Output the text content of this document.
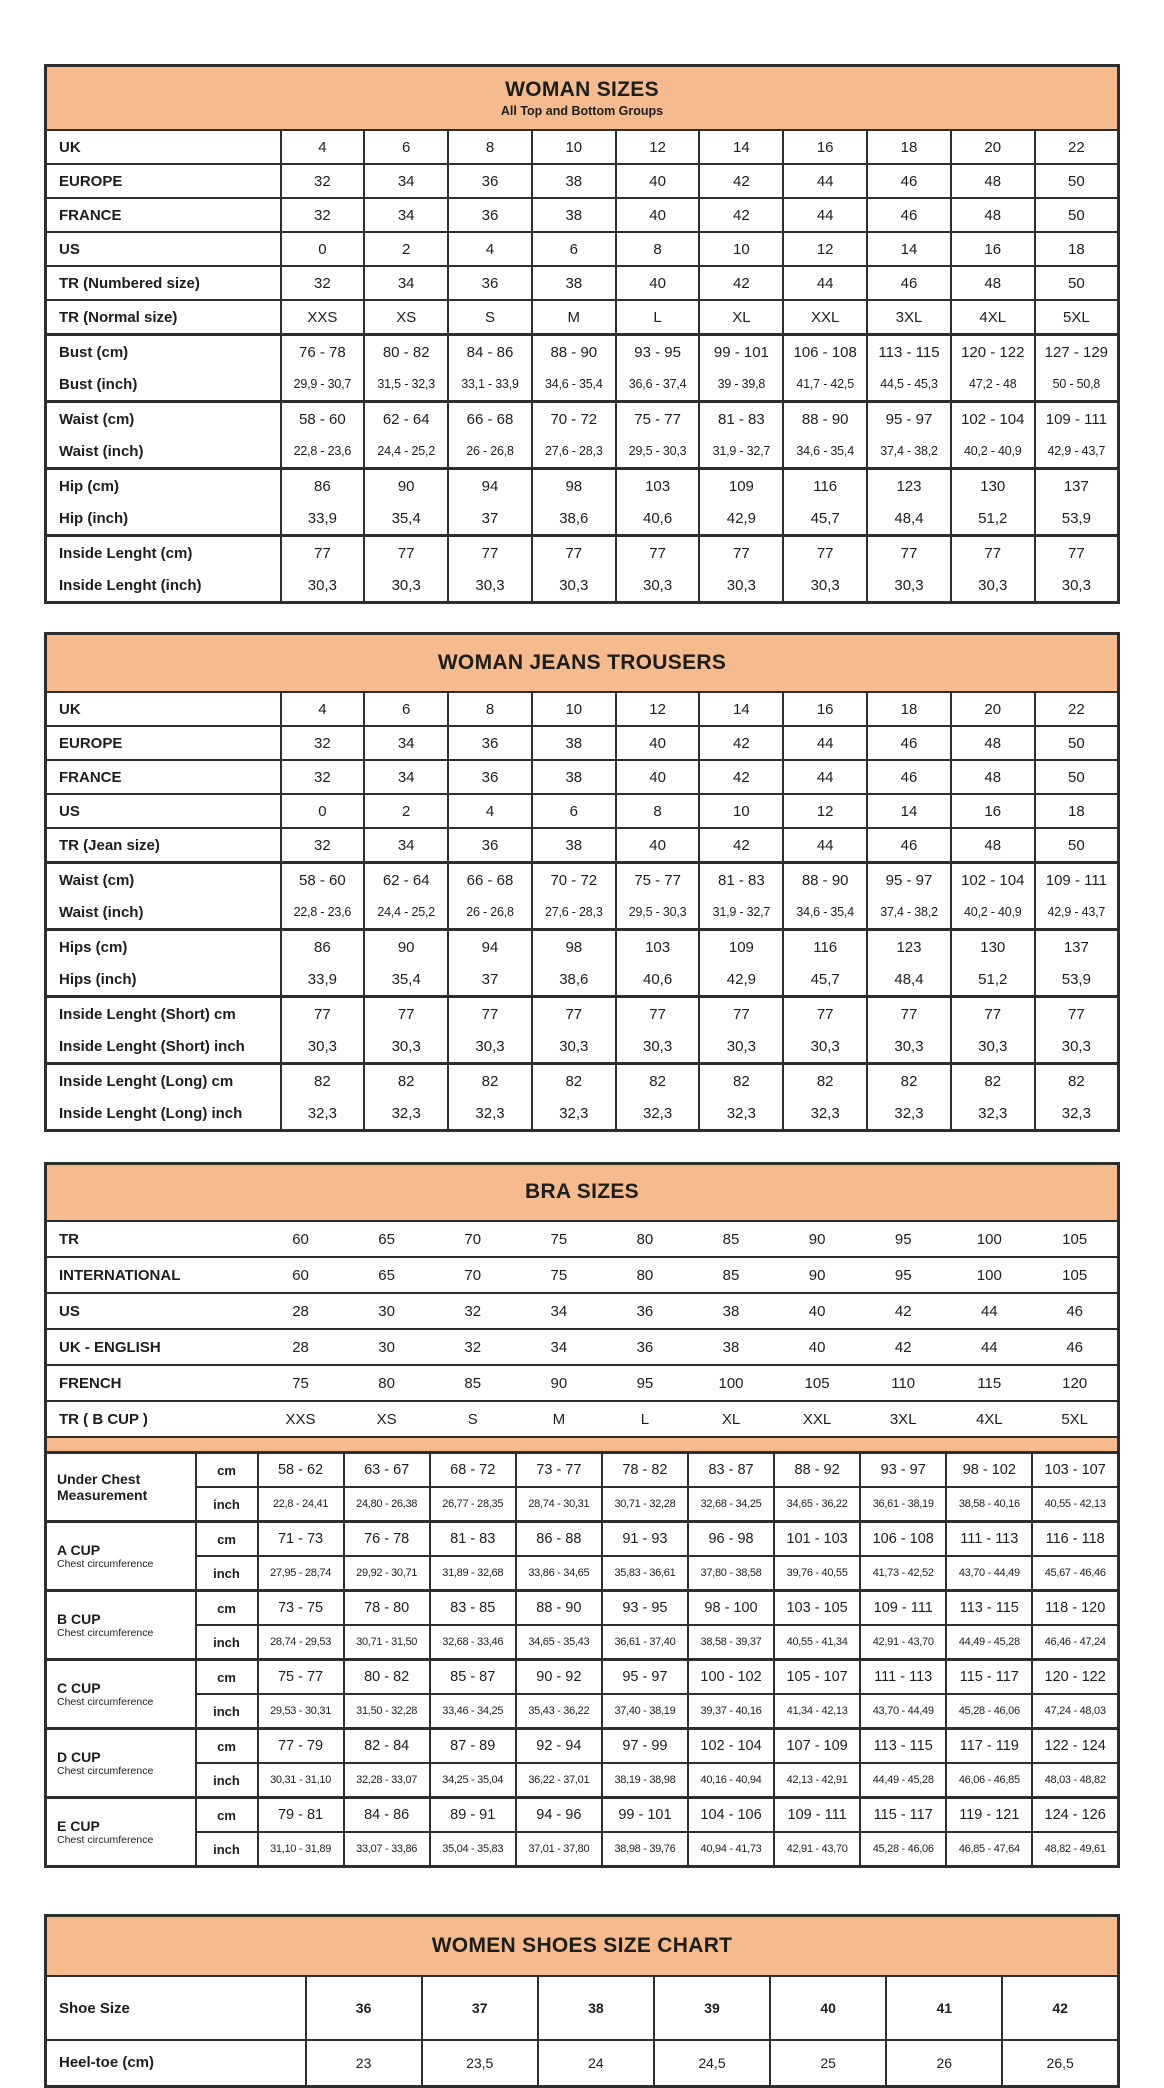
WOMAN SIZES
All Top and Bottom Groups										

UK	4	6	8	10	12	14	16	18	20	22
EUROPE	32	34	36	38	40	42	44	46	48	50
FRANCE	32	34	36	38	40	42	44	46	48	50
US	0	2	4	6	8	10	12	14	16	18
TR (Numbered size)	32	34	36	38	40	42	44	46	48	50
TR (Normal size)	XXS	XS	S	M	L	XL	XXL	3XL	4XL	5XL
Bust (cm)	76 - 78	80 - 82	84 - 86	88 - 90	93 - 95	99 - 101	106 - 108	113 - 115	120 - 122	127 - 129
Bust (inch)	29,9 - 30,7	31,5 - 32,3	33,1 - 33,9	34,6 - 35,4	36,6 - 37,4	39 - 39,8	41,7 - 42,5	44,5 - 45,3	47,2 - 48	50 - 50,8
Waist (cm)	58 - 60	62 - 64	66 - 68	70 - 72	75 - 77	81 - 83	88 - 90	95 - 97	102 - 104	109 - 111
Waist (inch)	22,8 - 23,6	24,4 - 25,2	26 - 26,8	27,6 - 28,3	29,5 - 30,3	31,9 - 32,7	34,6 - 35,4	37,4 - 38,2	40,2 - 40,9	42,9 - 43,7
Hip (cm)	86	90	94	98	103	109	116	123	130	137
Hip (inch)	33,9	35,4	37	38,6	40,6	42,9	45,7	48,4	51,2	53,9
Inside Lenght (cm)	77	77	77	77	77	77	77	77	77	77
Inside Lenght (inch)	30,3	30,3	30,3	30,3	30,3	30,3	30,3	30,3	30,3	30,3
WOMAN JEANS TROUSERS										

UK	4	6	8	10	12	14	16	18	20	22
EUROPE	32	34	36	38	40	42	44	46	48	50
FRANCE	32	34	36	38	40	42	44	46	48	50
US	0	2	4	6	8	10	12	14	16	18
TR (Jean size)	32	34	36	38	40	42	44	46	48	50
Waist (cm)	58 - 60	62 - 64	66 - 68	70 - 72	75 - 77	81 - 83	88 - 90	95 - 97	102 - 104	109 - 111
Waist (inch)	22,8 - 23,6	24,4 - 25,2	26 - 26,8	27,6 - 28,3	29,5 - 30,3	31,9 - 32,7	34,6 - 35,4	37,4 - 38,2	40,2 - 40,9	42,9 - 43,7
Hips (cm)	86	90	94	98	103	109	116	123	130	137
Hips (inch)	33,9	35,4	37	38,6	40,6	42,9	45,7	48,4	51,2	53,9
Inside Lenght (Short) cm	77	77	77	77	77	77	77	77	77	77
Inside Lenght (Short) inch	30,3	30,3	30,3	30,3	30,3	30,3	30,3	30,3	30,3	30,3
Inside Lenght (Long) cm	82	82	82	82	82	82	82	82	82	82
Inside Lenght (Long) inch	32,3	32,3	32,3	32,3	32,3	32,3	32,3	32,3	32,3	32,3
BRA SIZES											

TR		60	65	70	75	80	85	90	95	100	105
INTERNATIONAL		60	65	70	75	80	85	90	95	100	105
US		28	30	32	34	36	38	40	42	44	46
UK - ENGLISH		28	30	32	34	36	38	40	42	44	46
FRENCH		75	80	85	90	95	100	105	110	115	120
TR ( B CUP )		XXS	XS	S	M	L	XL	XXL	3XL	4XL	5XL

Under Chest Measurement	cm	58 - 62	63 - 67	68 - 72	73 - 77	78 - 82	83 - 87	88 - 92	93 - 97	98 - 102	103 - 107
	inch	22,8 - 24,41	24,80 - 26,38	26,77 - 28,35	28,74 - 30,31	30,71 - 32,28	32,68 - 34,25	34,65 - 36,22	36,61 - 38,19	38,58 - 40,16	40,55 - 42,13

A CUP
Chest circumference	cm	71 - 73	76 - 78	81 - 83	86 - 88	91 - 93	96 - 98	101 - 103	106 - 108	111 - 113	116 - 118
	inch	27,95 - 28,74	29,92 - 30,71	31,89 - 32,68	33,86 - 34,65	35,83 - 36,61	37,80 - 38,58	39,76 - 40,55	41,73 - 42,52	43,70 - 44,49	45,67 - 46,46

B CUP
Chest circumference	cm	73 - 75	78 - 80	83 - 85	88 - 90	93 - 95	98 - 100	103 - 105	109 - 111	113 - 115	118 - 120
	inch	28,74 - 29,53	30,71 - 31,50	32,68 - 33,46	34,65 - 35,43	36,61 - 37,40	38,58 - 39,37	40,55 - 41,34	42,91 - 43,70	44,49 - 45,28	46,46 - 47,24

C CUP
Chest circumference	cm	75 - 77	80 - 82	85 - 87	90 - 92	95 - 97	100 - 102	105 - 107	111 - 113	115 - 117	120 - 122
	inch	29,53 - 30,31	31,50 - 32,28	33,46 - 34,25	35,43 - 36,22	37,40 - 38,19	39,37 - 40,16	41,34 - 42,13	43,70 - 44,49	45,28 - 46,06	47,24 - 48,03

D CUP
Chest circumference	cm	77 - 79	82 - 84	87 - 89	92 - 94	97 - 99	102 - 104	107 - 109	113 - 115	117 - 119	122 - 124
	inch	30,31 - 31,10	32,28 - 33,07	34,25 - 35,04	36,22 - 37,01	38,19 - 38,98	40,16 - 40,94	42,13 - 42,91	44,49 - 45,28	46,06 - 46,85	48,03 - 48,82

E CUP
Chest circumference	cm	79 - 81	84 - 86	89 - 91	94 - 96	99 - 101	104 - 106	109 - 111	115 - 117	119 - 121	124 - 126
	inch	31,10 - 31,89	33,07 - 33,86	35,04 - 35,83	37,01 - 37,80	38,98 - 39,76	40,94 - 41,73	42,91 - 43,70	45,28 - 46,06	46,85 - 47,64	48,82 - 49,61
WOMEN SHOES SIZE CHART							

Shoe Size	36	37	38	39	40	41	42
Heel-toe (cm)	23	23,5	24	24,5	25	26	26,5
